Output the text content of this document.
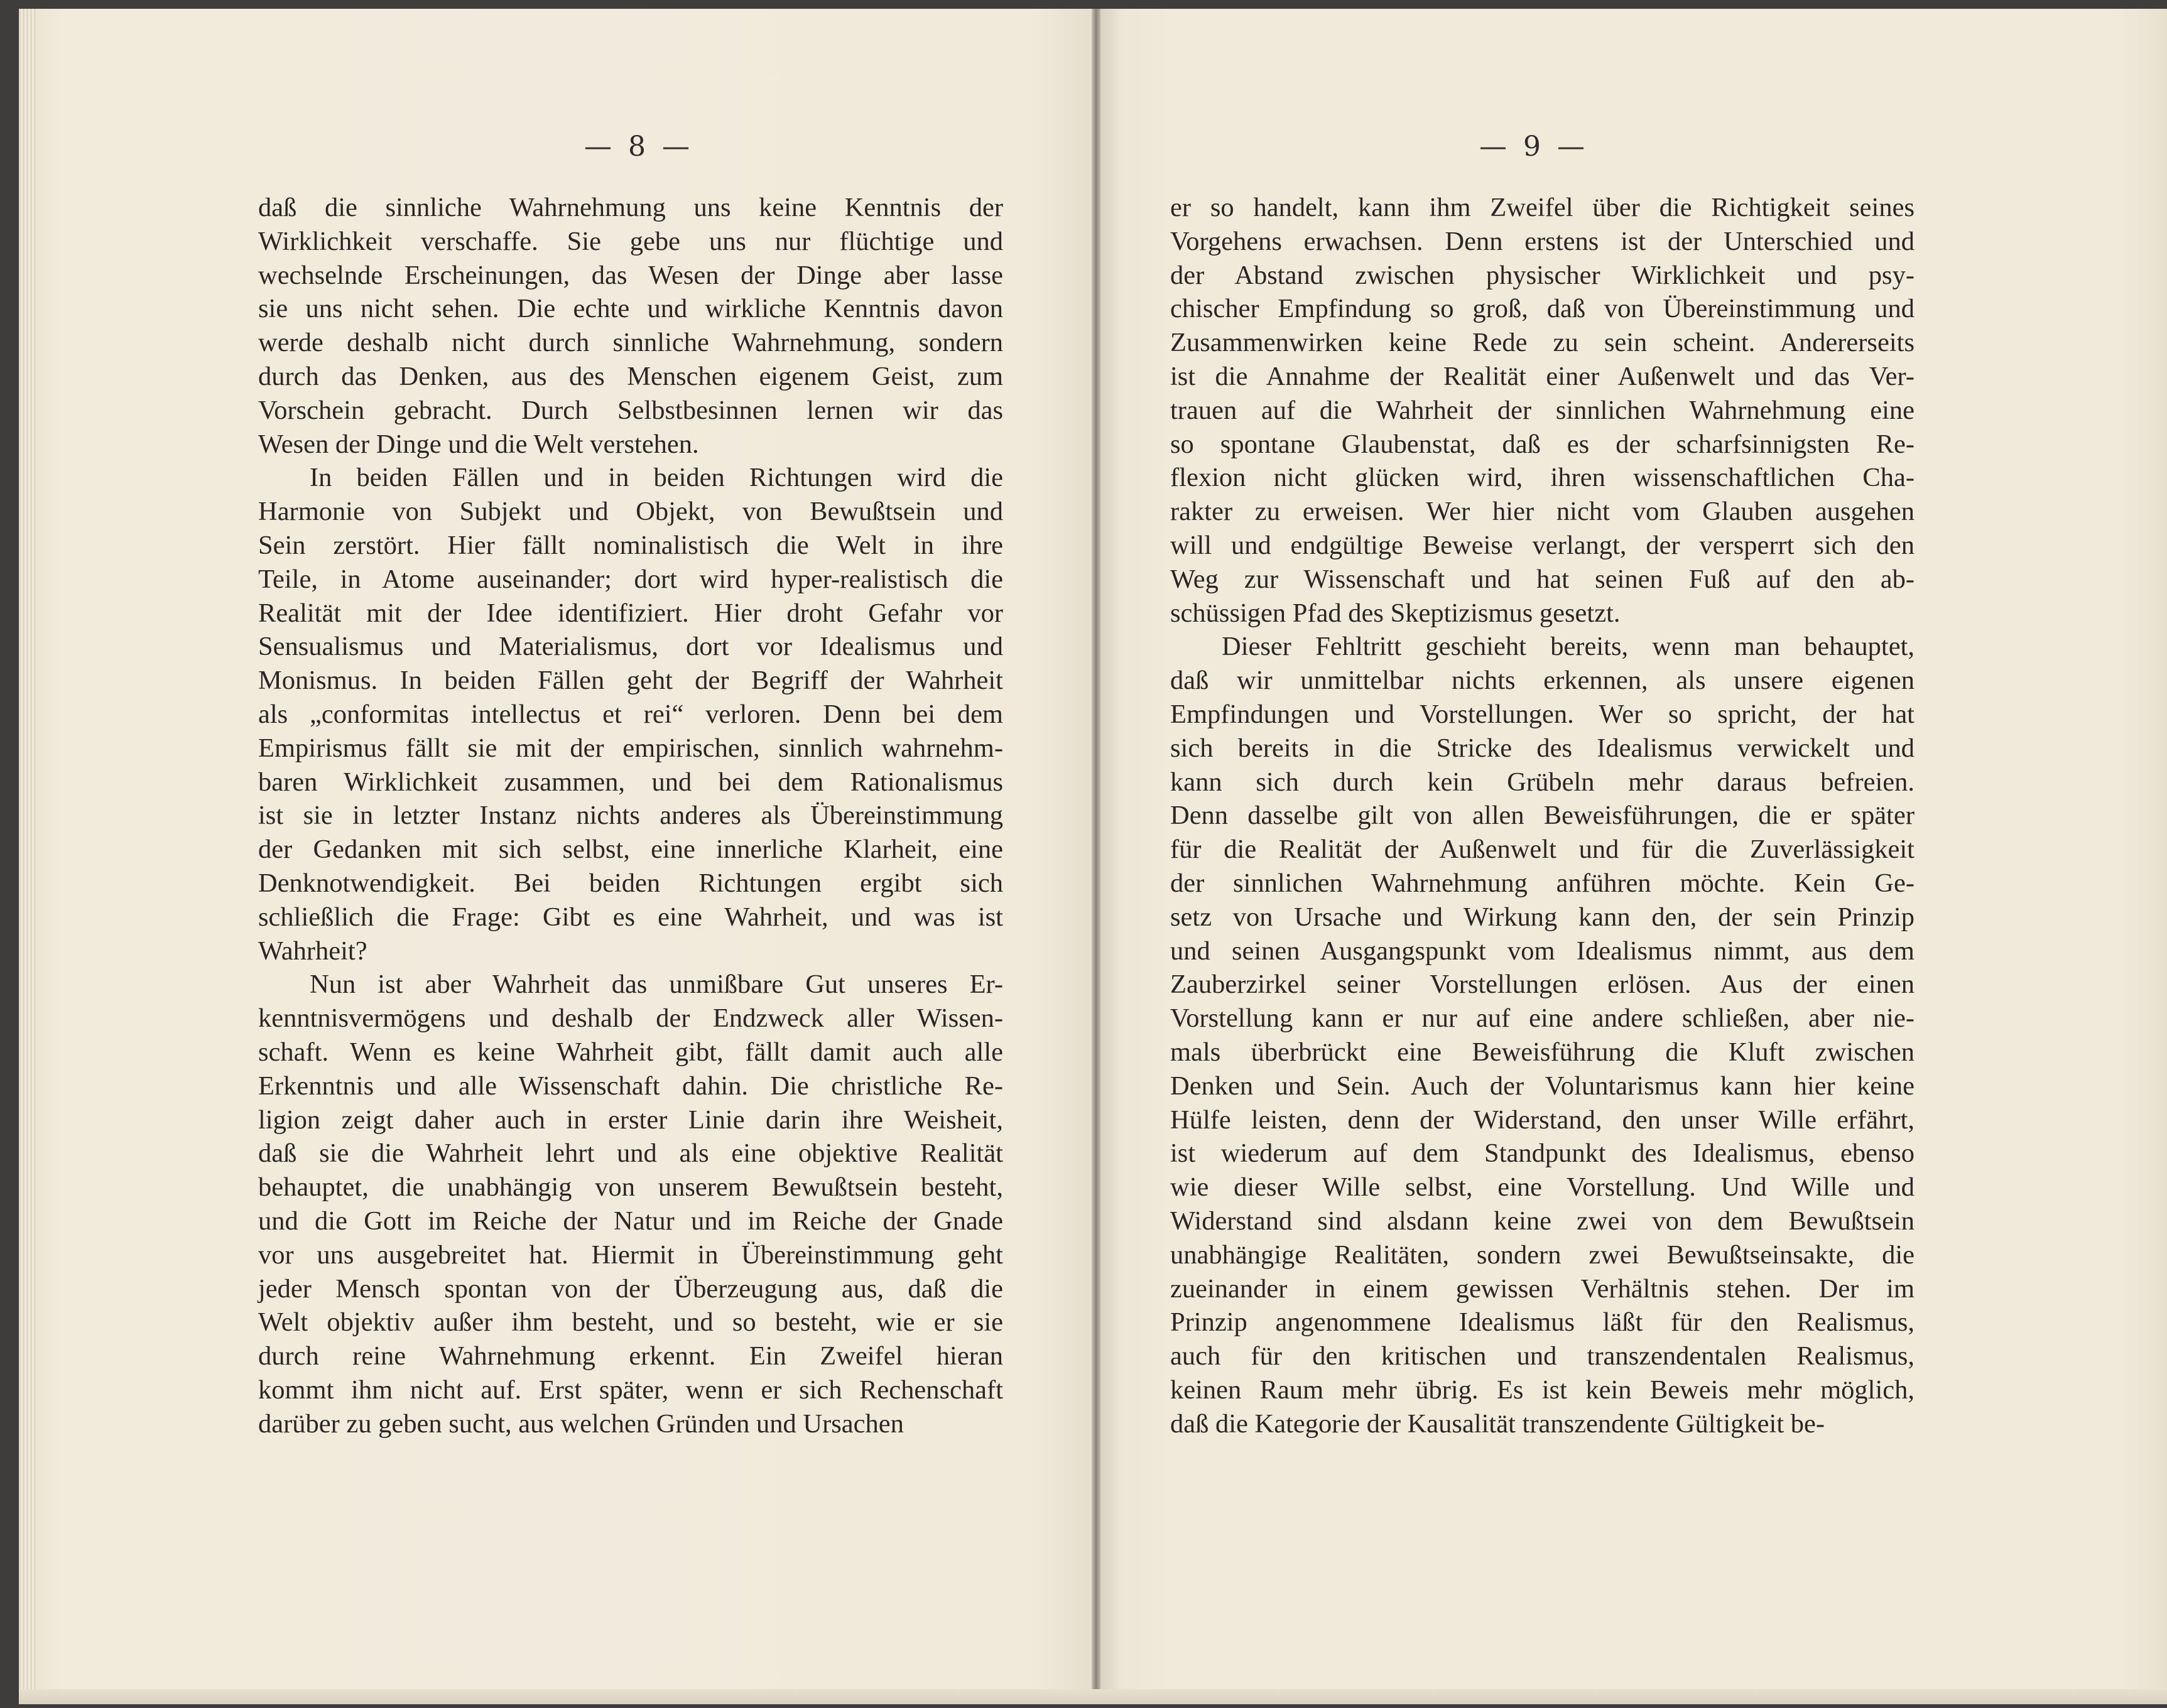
— 8 —	— 9 —

daß die sinnliche Wahrnehmung uns keine Kenntnis der
Wirklichkeit verschaffe. Sie gebe uns nur flüchtige und
wechselnde Erscheinungen, das Wesen der Dinge aber lasse
sie uns nicht sehen. Die echte und wirkliche Kenntnis davon
werde deshalb nicht durch sinnliche Wahrnehmung, sondern
durch das Denken, aus des Menschen eigenem Geist, zum
Vorschein gebracht. Durch Selbstbesinnen lernen wir das
Wesen der Dinge und die Welt verstehen.

In beiden Fällen und in beiden Richtungen wird die
Harmonie von Subjekt und Objekt, von Bewußtsein und
Sein zerstört. Hier fällt nominalistisch die Welt in ihre
Teile, in Atome auseinander; dort wird hyper-realistisch die
Realität mit der Idee identifiziert. Hier droht Gefahr vor
Sensualismus und Materialismus, dort vor Idealismus und
Monismus. In beiden Fällen geht der Begriff der Wahrheit
als „conformitas intellectus et rei“ verloren. Denn bei dem
Empirismus fällt sie mit der empirischen, sinnlich wahrnehm-
baren Wirklichkeit zusammen, und bei dem Rationalismus
ist sie in letzter Instanz nichts anderes als Übereinstimmung
der Gedanken mit sich selbst, eine innerliche Klarheit, eine
Denknotwendigkeit. Bei beiden Richtungen ergibt sich
schließlich die Frage: Gibt es eine Wahrheit, und was ist
Wahrheit?

Nun ist aber Wahrheit das unmißbare Gut unseres Er-
kenntnisvermögens und deshalb der Endzweck aller Wissen-
schaft. Wenn es keine Wahrheit gibt, fällt damit auch alle
Erkenntnis und alle Wissenschaft dahin. Die christliche Re-
ligion zeigt daher auch in erster Linie darin ihre Weisheit,
daß sie die Wahrheit lehrt und als eine objektive Realität
behauptet, die unabhängig von unserem Bewußtsein besteht,
und die Gott im Reiche der Natur und im Reiche der Gnade
vor uns ausgebreitet hat. Hiermit in Übereinstimmung geht
jeder Mensch spontan von der Überzeugung aus, daß die
Welt objektiv außer ihm besteht, und so besteht, wie er sie
durch reine Wahrnehmung erkennt. Ein Zweifel hieran
kommt ihm nicht auf. Erst später, wenn er sich Rechenschaft
darüber zu geben sucht, aus welchen Gründen und Ursachen

er so handelt, kann ihm Zweifel über die Richtigkeit seines
Vorgehens erwachsen. Denn erstens ist der Unterschied und
der Abstand zwischen physischer Wirklichkeit und psy-
chischer Empfindung so groß, daß von Übereinstimmung und
Zusammenwirken keine Rede zu sein scheint. Andererseits
ist die Annahme der Realität einer Außenwelt und das Ver-
trauen auf die Wahrheit der sinnlichen Wahrnehmung eine
so spontane Glaubenstat, daß es der scharfsinnigsten Re-
flexion nicht glücken wird, ihren wissenschaftlichen Cha-
rakter zu erweisen. Wer hier nicht vom Glauben ausgehen
will und endgültige Beweise verlangt, der versperrt sich den
Weg zur Wissenschaft und hat seinen Fuß auf den ab-
schüssigen Pfad des Skeptizismus gesetzt.

Dieser Fehltritt geschieht bereits, wenn man behauptet,
daß wir unmittelbar nichts erkennen, als unsere eigenen
Empfindungen und Vorstellungen. Wer so spricht, der hat
sich bereits in die Stricke des Idealismus verwickelt und
kann sich durch kein Grübeln mehr daraus befreien.
Denn dasselbe gilt von allen Beweisführungen, die er später
für die Realität der Außenwelt und für die Zuverlässigkeit
der sinnlichen Wahrnehmung anführen möchte. Kein Ge-
setz von Ursache und Wirkung kann den, der sein Prinzip
und seinen Ausgangspunkt vom Idealismus nimmt, aus dem
Zauberzirkel seiner Vorstellungen erlösen. Aus der einen
Vorstellung kann er nur auf eine andere schließen, aber nie-
mals überbrückt eine Beweisführung die Kluft zwischen
Denken und Sein. Auch der Voluntarismus kann hier keine
Hülfe leisten, denn der Widerstand, den unser Wille erfährt,
ist wiederum auf dem Standpunkt des Idealismus, ebenso
wie dieser Wille selbst, eine Vorstellung. Und Wille und
Widerstand sind alsdann keine zwei von dem Bewußtsein
unabhängige Realitäten, sondern zwei Bewußtseinsakte, die
zueinander in einem gewissen Verhältnis stehen. Der im
Prinzip angenommene Idealismus läßt für den Realismus,
auch für den kritischen und transzendentalen Realismus,
keinen Raum mehr übrig. Es ist kein Beweis mehr möglich,
daß die Kategorie der Kausalität transzendente Gültigkeit be-
